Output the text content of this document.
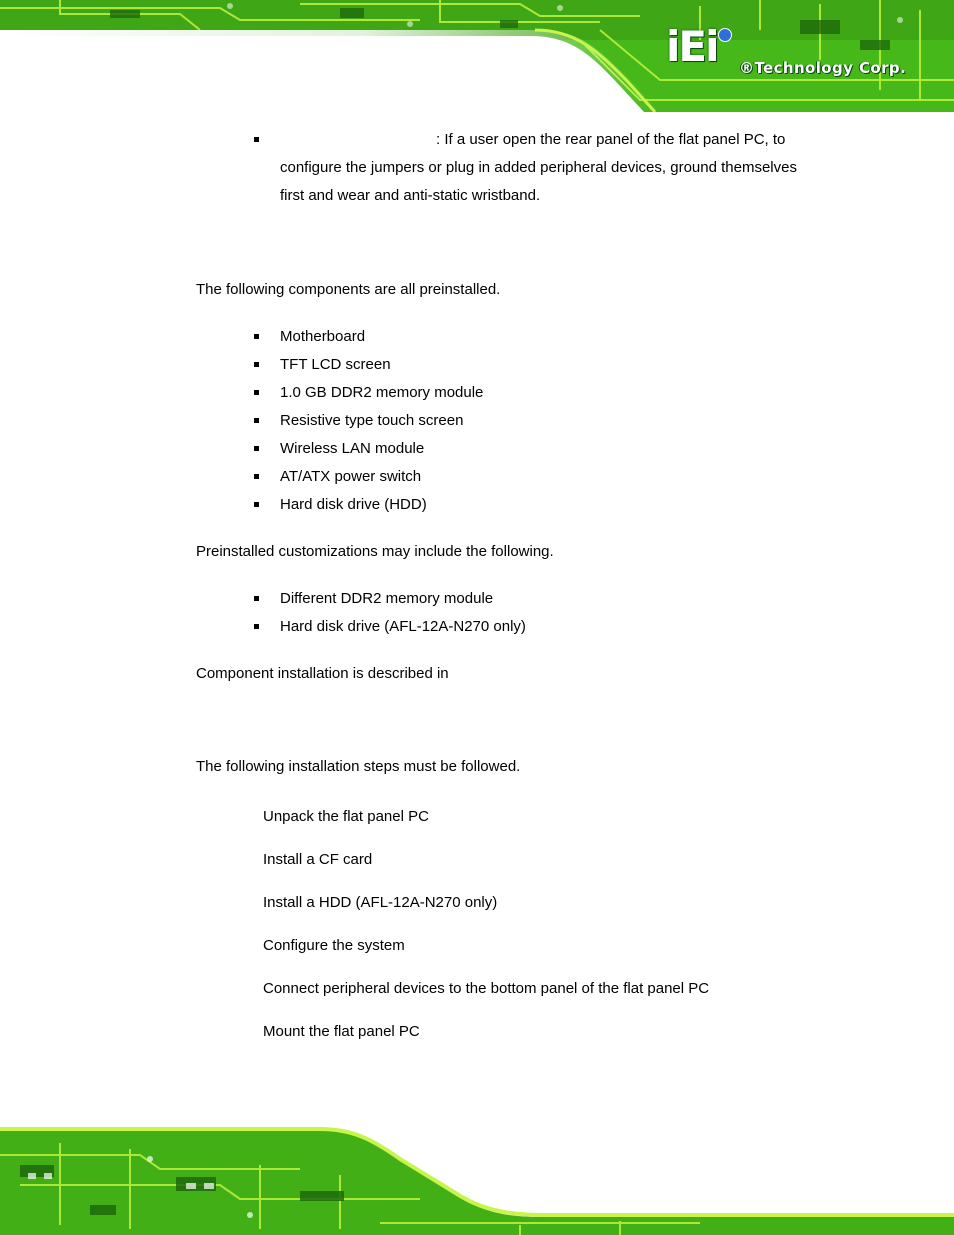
iEi ®Technology Corp.
: If a user open the rear panel of the flat panel PC, to
configure the jumpers or plug in added peripheral devices, ground themselves
first and wear and anti-static wristband.
The following components are all preinstalled.
Motherboard
TFT LCD screen
1.0 GB DDR2 memory module
Resistive type touch screen
Wireless LAN module
AT/ATX power switch
Hard disk drive (HDD)
Preinstalled customizations may include the following.
Different DDR2 memory module
Hard disk drive (AFL-12A-N270 only)
Component installation is described in
The following installation steps must be followed.
Unpack the flat panel PC
Install a CF card
Install a HDD (AFL-12A-N270 only)
Configure the system
Connect peripheral devices to the bottom panel of the flat panel PC
Mount the flat panel PC
